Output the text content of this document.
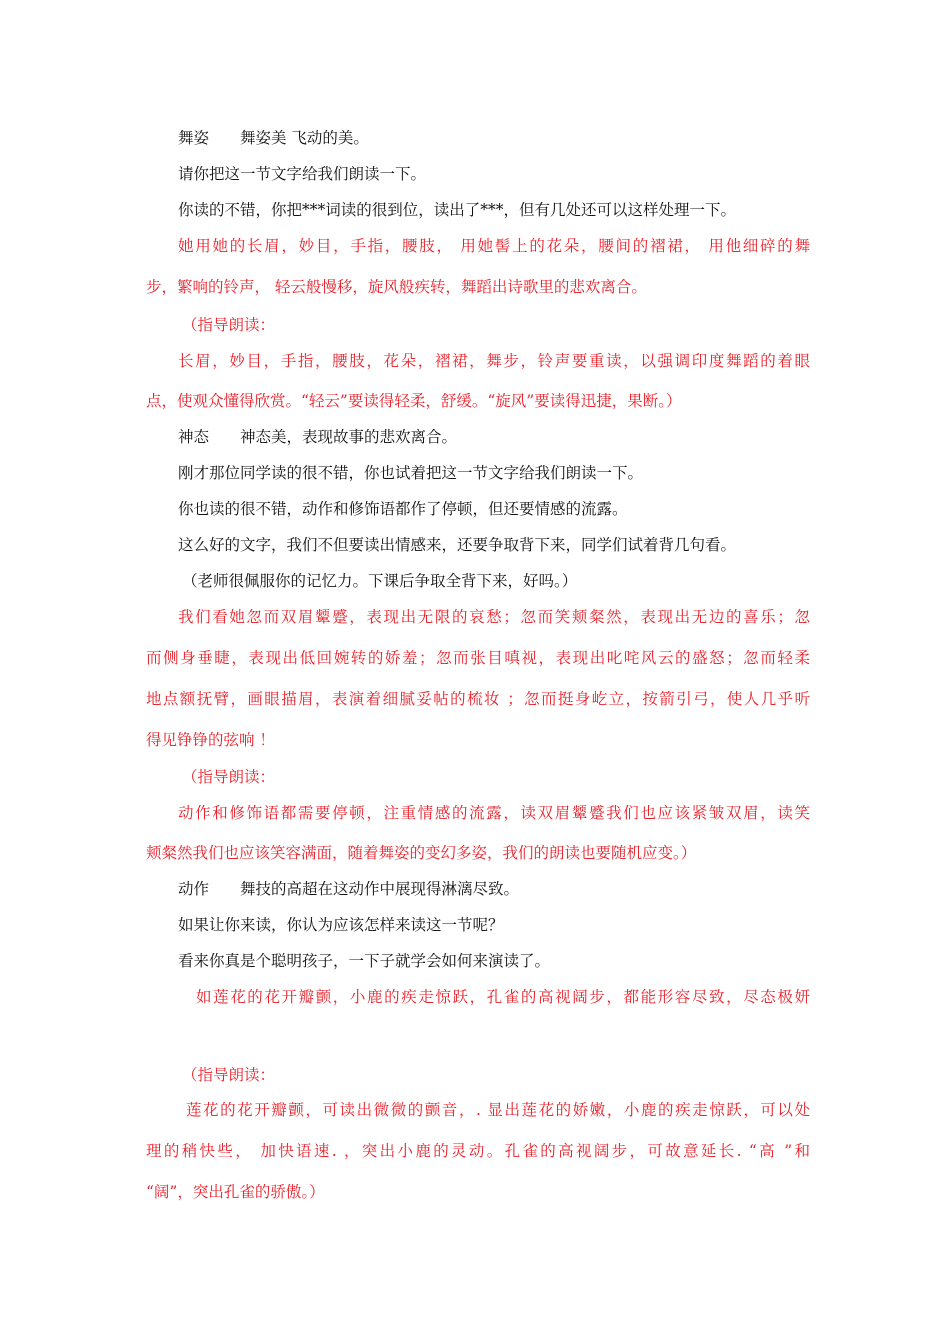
舞姿　　舞姿美 飞动的美。
请你把这一节文字给我们朗读一下。
你读的不错，你把***词读的很到位，读出了***，但有几处还可以这样处理一下。
她用她的长眉，妙目，手指，腰肢， 用她髻上的花朵，腰间的褶裙， 用他细碎的舞
步，繁响的铃声， 轻云般慢移，旋风般疾转，舞蹈出诗歌里的悲欢离合。
（指导朗读：
长眉，妙目，手指，腰肢，花朵，褶裙，舞步，铃声要重读，以强调印度舞蹈的着眼
点，使观众懂得欣赏。“轻云”要读得轻柔，舒缓。“旋风”要读得迅捷，果断。）
神态　　神态美，表现故事的悲欢离合。
刚才那位同学读的很不错，你也试着把这一节文字给我们朗读一下。
你也读的很不错，动作和修饰语都作了停顿，但还要情感的流露。
这么好的文字，我们不但要读出情感来，还要争取背下来，同学们试着背几句看。
（老师很佩服你的记忆力。下课后争取全背下来，好吗。）
我们看她忽而双眉颦蹙，表现出无限的哀愁；忽而笑颊粲然，表现出无边的喜乐；忽
而侧身垂睫，表现出低回婉转的娇羞；忽而张目嗔视，表现出叱咤风云的盛怒；忽而轻柔
地点额抚臂，画眼描眉，表演着细腻妥帖的梳妆 ；忽而挺身屹立，按箭引弓，使人几乎听
得见铮铮的弦响 ！
（指导朗读：
动作和修饰语都需要停顿，注重情感的流露，读双眉颦蹙我们也应该紧皱双眉，读笑
颊粲然我们也应该笑容满面，随着舞姿的变幻多姿，我们的朗读也要随机应变。）
动作　　舞技的高超在这动作中展现得淋漓尽致。
如果让你来读，你认为应该怎样来读这一节呢？
看来你真是个聪明孩子，一下子就学会如何来演读了。
如莲花的花开瓣颤，小鹿的疾走惊跃，孔雀的高视阔步，都能形容尽致，尽态极妍
（指导朗读：
莲花的花开瓣颤，可读出微微的颤音，. 显出莲花的娇嫩，小鹿的疾走惊跃，可以处
理的稍快些， 加快语速. ，突出小鹿的灵动。孔雀的高视阔步，可故意延长. “高 ”和
“阔”，突出孔雀的骄傲。）
